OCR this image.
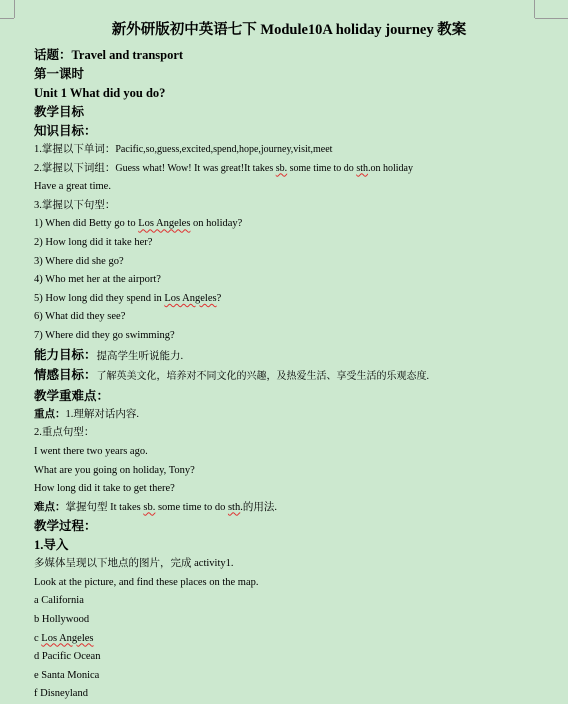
新外研版初中英语七下 Module10A holiday journey 教案
话题：Travel and transport
第一课时
Unit 1 What did you do?
教学目标
知识目标：
1.掌握以下单词：Pacific,so,guess,excited,spend,hope,journey,visit,meet
2.掌握以下词组：Guess what! Wow! It was great!It takes sb. some time to do sth.on holiday
Have a great time.
3.掌握以下句型：
1) When did Betty go to Los Angeles on holiday?
2) How long did it take her?
3) Where did she go?
4) Who met her at the airport?
5) How long did they spend in Los Angeles?
6) What did they see?
7) Where did they go swimming?
能力目标：提高学生听说能力.
情感目标：了解英美文化，培养对不同文化的兴趣，及热爱生活、享受生活的乐观态度.
教学重难点：
重点：1.理解对话内容.
2.重点句型：
I went there two years ago.
What are you going on holiday, Tony?
How long did it take to get there?
难点：掌握句型 It takes sb. some time to do sth.的用法.
教学过程：
1.导入
多媒体呈现以下地点的图片，完成 activity1.
Look at the picture, and find these places on the map.
a California
b Hollywood
c Los Angeles
d Pacific Ocean
e Santa Monica
f Disneyland
